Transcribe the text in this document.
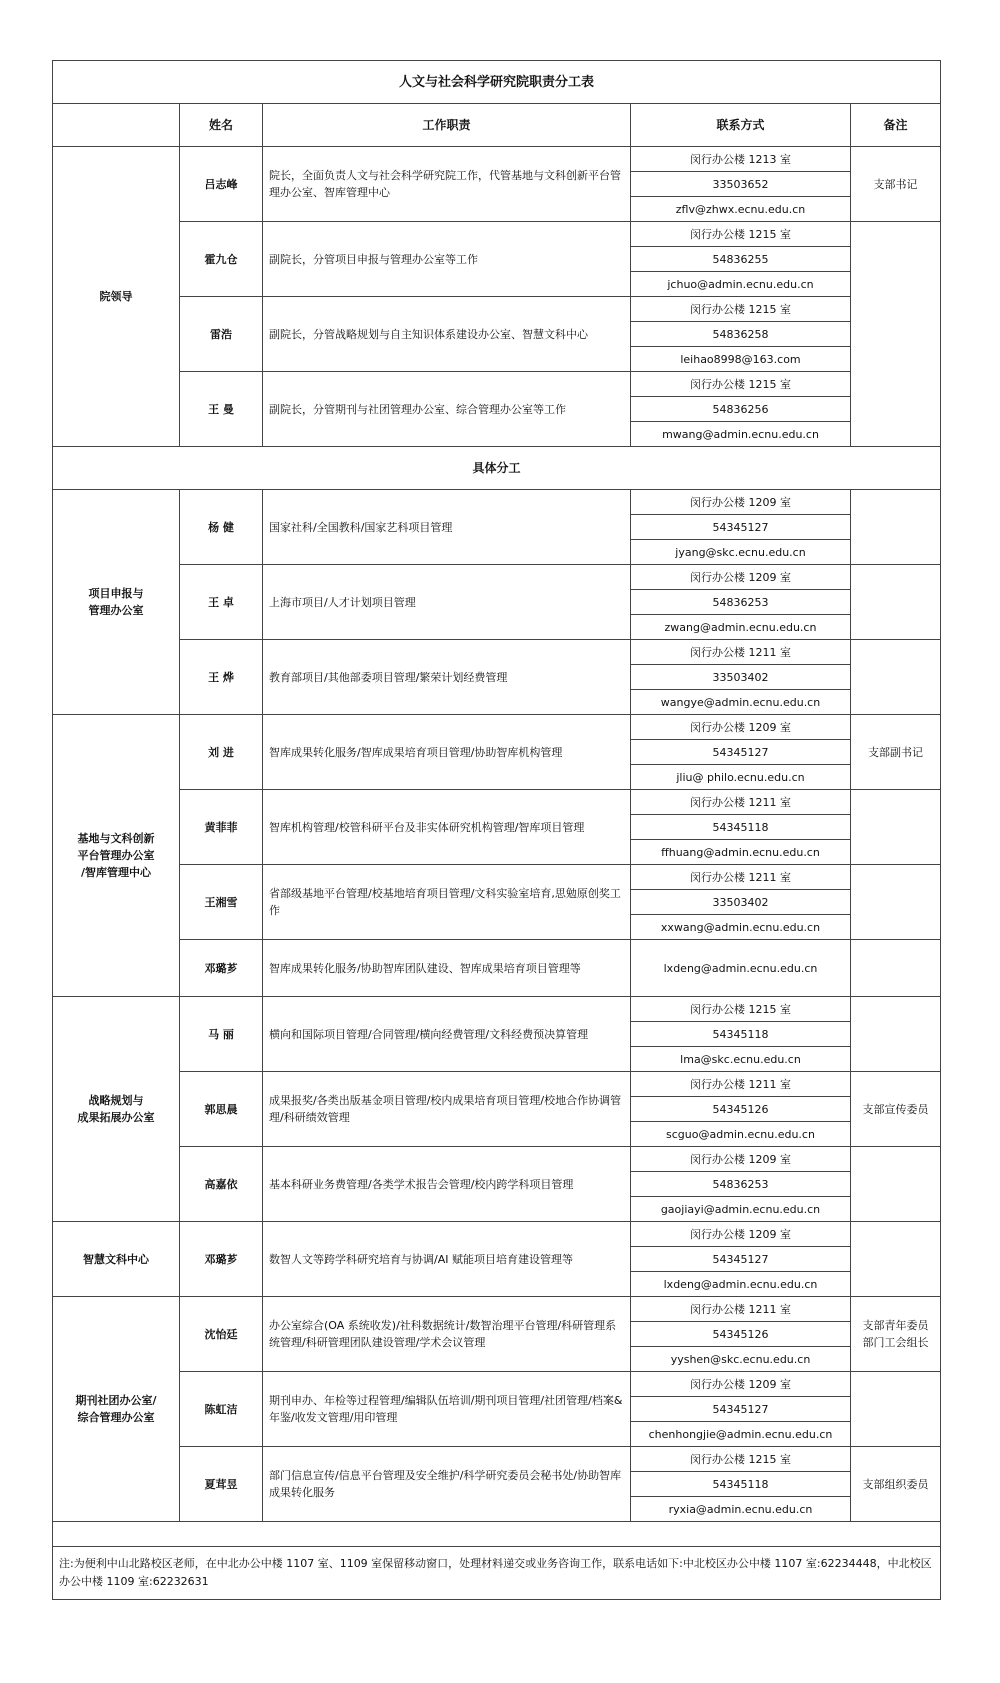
人文与社会科学研究院职责分工表				
	姓名	工作职责	联系方式	备注
院领导	吕志峰	院长，全面负责人文与社会科学研究院工作，代管基地与文科创新平台管理办公室、智库管理中心	闵行办公楼 1213 室	支部书记
			33503652	
			zflv@zhwx.ecnu.edu.cn	
	霍九仓	副院长，分管项目申报与管理办公室等工作	闵行办公楼 1215 室	
			54836255	
			jchuo@admin.ecnu.edu.cn	
	雷浩	副院长，分管战略规划与自主知识体系建设办公室、智慧文科中心	闵行办公楼 1215 室	
			54836258	
			leihao8998@163.com	
	王 曼	副院长，分管期刊与社团管理办公室、综合管理办公室等工作	闵行办公楼 1215 室	
			54836256	
			mwang@admin.ecnu.edu.cn	
具体分工				
项目申报与
管理办公室	杨 健	国家社科/全国教科/国家艺科项目管理	闵行办公楼 1209 室	
			54345127	
			jyang@skc.ecnu.edu.cn	
	王 卓	上海市项目/人才计划项目管理	闵行办公楼 1209 室	
			54836253	
			zwang@admin.ecnu.edu.cn	
	王 烨	教育部项目/其他部委项目管理/繁荣计划经费管理	闵行办公楼 1211 室	
			33503402	
			wangye@admin.ecnu.edu.cn	
基地与文科创新
平台管理办公室
/智库管理中心	刘 进	智库成果转化服务/智库成果培育项目管理/协助智库机构管理	闵行办公楼 1209 室	支部副书记
			54345127	
			jliu@ philo.ecnu.edu.cn	
	黄菲菲	智库机构管理/校管科研平台及非实体研究机构管理/智库项目管理	闵行办公楼 1211 室	
			54345118	
			ffhuang@admin.ecnu.edu.cn	
	王湘雪	省部级基地平台管理/校基地培育项目管理/文科实验室培育,思勉原创奖工作	闵行办公楼 1211 室	
			33503402	
			xxwang@admin.ecnu.edu.cn	
	邓璐芗	智库成果转化服务/协助智库团队建设、智库成果培育项目管理等	lxdeng@admin.ecnu.edu.cn	
战略规划与
成果拓展办公室	马 丽	横向和国际项目管理/合同管理/横向经费管理/文科经费预决算管理	闵行办公楼 1215 室	
			54345118	
			lma@skc.ecnu.edu.cn	
	郭思晨	成果报奖/各类出版基金项目管理/校内成果培育项目管理/校地合作协调管理/科研绩效管理	闵行办公楼 1211 室	支部宣传委员
			54345126	
			scguo@admin.ecnu.edu.cn	
	高嘉依	基本科研业务费管理/各类学术报告会管理/校内跨学科项目管理	闵行办公楼 1209 室	
			54836253	
			gaojiayi@admin.ecnu.edu.cn	
智慧文科中心	邓璐芗	数智人文等跨学科研究培育与协调/AI 赋能项目培育建设管理等	闵行办公楼 1209 室	
			54345127	
			lxdeng@admin.ecnu.edu.cn	
期刊社团办公室/
综合管理办公室	沈怡廷	办公室综合(OA 系统收发)/社科数据统计/数智治理平台管理/科研管理系统管理/科研管理团队建设管理/学术会议管理	闵行办公楼 1211 室	支部青年委员
部门工会组长
			54345126	
			yyshen@skc.ecnu.edu.cn	
	陈虹洁	期刊申办、年检等过程管理/编辑队伍培训/期刊项目管理/社团管理/档案&年鉴/收发文管理/用印管理	闵行办公楼 1209 室	
			54345127	
			chenhongjie@admin.ecnu.edu.cn	
	夏茸昱	部门信息宣传/信息平台管理及安全维护/科学研究委员会秘书处/协助智库成果转化服务	闵行办公楼 1215 室	支部组织委员
			54345118	
			ryxia@admin.ecnu.edu.cn	

注:为便利中山北路校区老师，在中北办公中楼 1107 室、1109 室保留移动窗口，处理材料递交或业务咨询工作，联系电话如下:中北校区办公中楼 1107 室:62234448，中北校区办公中楼 1109 室:62232631				
